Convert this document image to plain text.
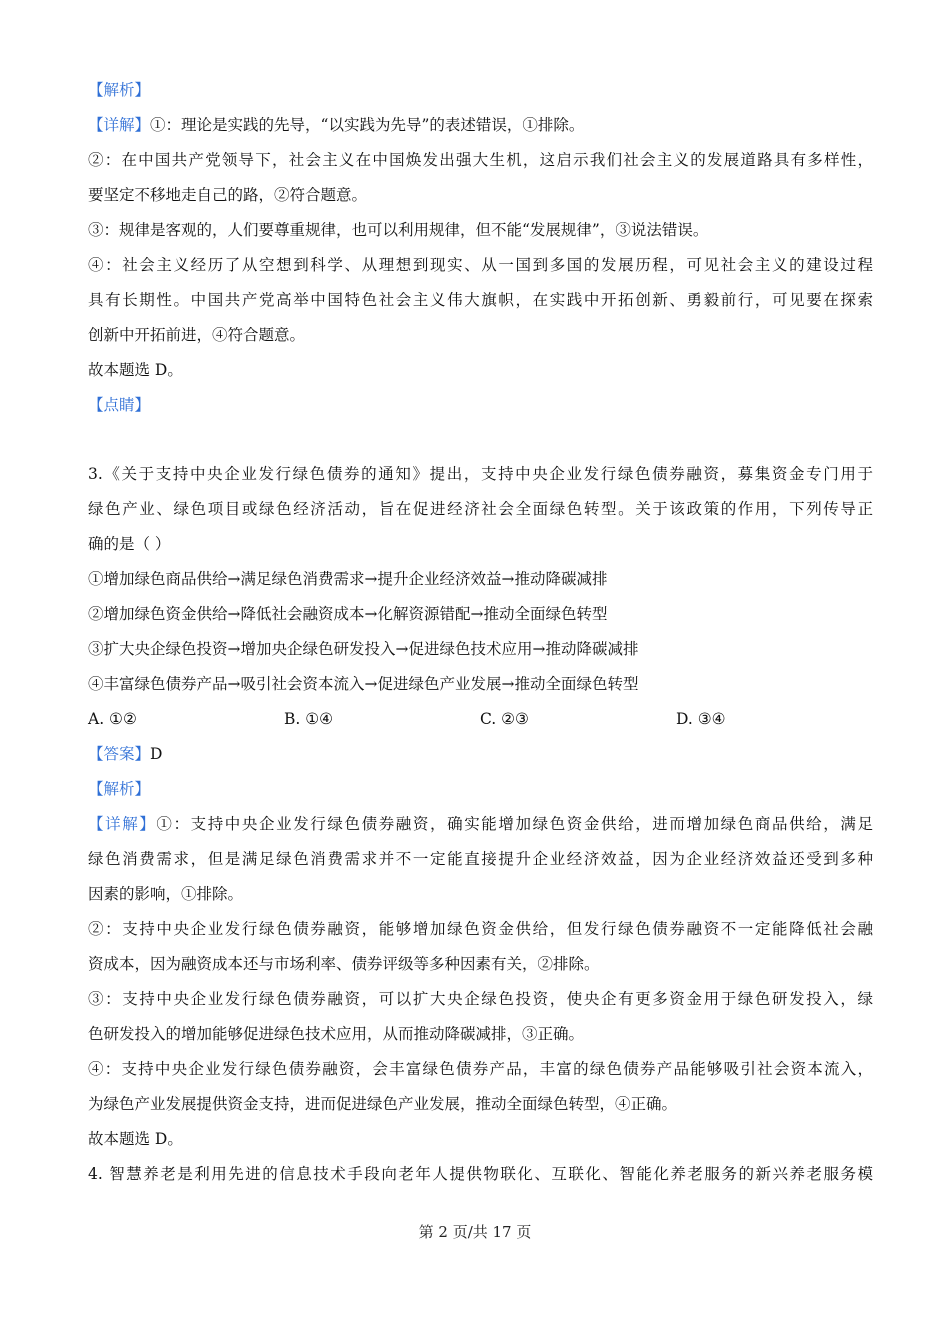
【解析】
【详解】①：理论是实践的先导，“以实践为先导”的表述错误，①排除。
②：在中国共产党领导下，社会主义在中国焕发出强大生机，这启示我们社会主义的发展道路具有多样性，
要坚定不移地走自己的路，②符合题意。
③：规律是客观的，人们要尊重规律，也可以利用规律，但不能“发展规律”，③说法错误。
④：社会主义经历了从空想到科学、从理想到现实、从一国到多国的发展历程，可见社会主义的建设过程
具有长期性。中国共产党高举中国特色社会主义伟大旗帜，在实践中开拓创新、勇毅前行，可见要在探索
创新中开拓前进，④符合题意。
故本题选 D。
【点睛】
3.《关于支持中央企业发行绿色债券的通知》提出，支持中央企业发行绿色债券融资，募集资金专门用于
绿色产业、绿色项目或绿色经济活动，旨在促进经济社会全面绿色转型。关于该政策的作用，下列传导正
确的是（ ）
①增加绿色商品供给→满足绿色消费需求→提升企业经济效益→推动降碳减排
②增加绿色资金供给→降低社会融资成本→化解资源错配→推动全面绿色转型
③扩大央企绿色投资→增加央企绿色研发投入→促进绿色技术应用→推动降碳减排
④丰富绿色债券产品→吸引社会资本流入→促进绿色产业发展→推动全面绿色转型
A. ①②	B. ①④	C. ②③	D. ③④
【答案】D
【解析】
【详解】①：支持中央企业发行绿色债券融资，确实能增加绿色资金供给，进而增加绿色商品供给，满足
绿色消费需求，但是满足绿色消费需求并不一定能直接提升企业经济效益，因为企业经济效益还受到多种
因素的影响，①排除。
②：支持中央企业发行绿色债券融资，能够增加绿色资金供给，但发行绿色债券融资不一定能降低社会融
资成本，因为融资成本还与市场利率、债券评级等多种因素有关，②排除。
③：支持中央企业发行绿色债券融资，可以扩大央企绿色投资，使央企有更多资金用于绿色研发投入，绿
色研发投入的增加能够促进绿色技术应用，从而推动降碳减排，③正确。
④：支持中央企业发行绿色债券融资，会丰富绿色债券产品，丰富的绿色债券产品能够吸引社会资本流入，
为绿色产业发展提供资金支持，进而促进绿色产业发展，推动全面绿色转型，④正确。
故本题选 D。
4. 智慧养老是利用先进的信息技术手段向老年人提供物联化、互联化、智能化养老服务的新兴养老服务模
第 2 页/共 17 页
